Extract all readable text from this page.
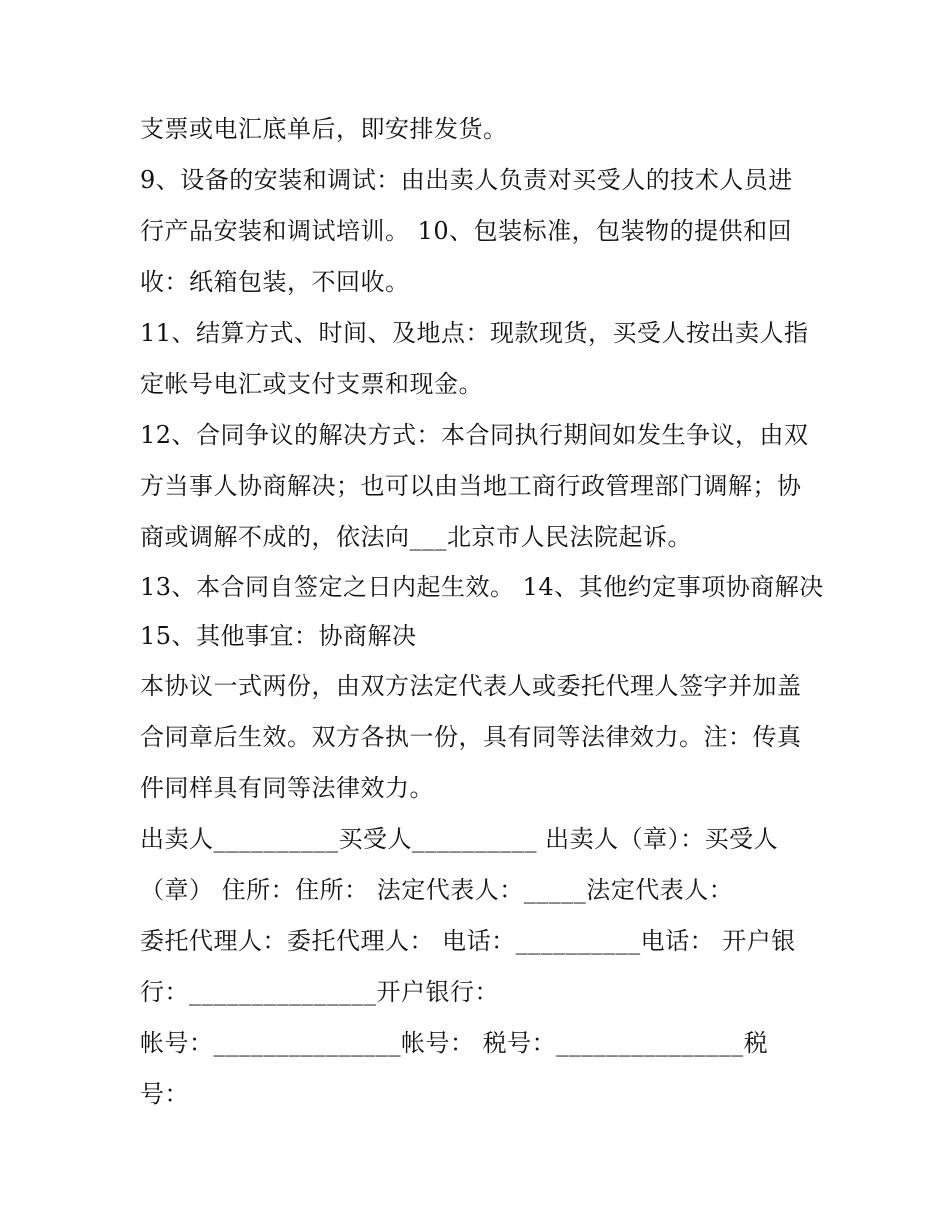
支票或电汇底单后，即安排发货。
9、设备的安装和调试：由出卖人负责对买受人的技术人员进
行产品安装和调试培训。 10、包装标准，包装物的提供和回
收：纸箱包装，不回收。
11、结算方式、时间、及地点：现款现货，买受人按出卖人指
定帐号电汇或支付支票和现金。
12、合同争议的解决方式：本合同执行期间如发生争议，由双
方当事人协商解决；也可以由当地工商行政管理部门调解；协
商或调解不成的，依法向___北京市人民法院起诉。
13、本合同自签定之日内起生效。 14、其他约定事项协商解决
15、其他事宜：协商解决
本协议一式两份，由双方法定代表人或委托代理人签字并加盖
合同章后生效。双方各执一份，具有同等法律效力。注：传真
件同样具有同等法律效力。
出卖人__________买受人__________ 出卖人（章）：买受人
（章） 住所：住所： 法定代表人：_____法定代表人：
委托代理人：委托代理人： 电话：__________电话： 开户银
行：_______________开户银行：
帐号：_______________帐号： 税号：_______________税
号：
